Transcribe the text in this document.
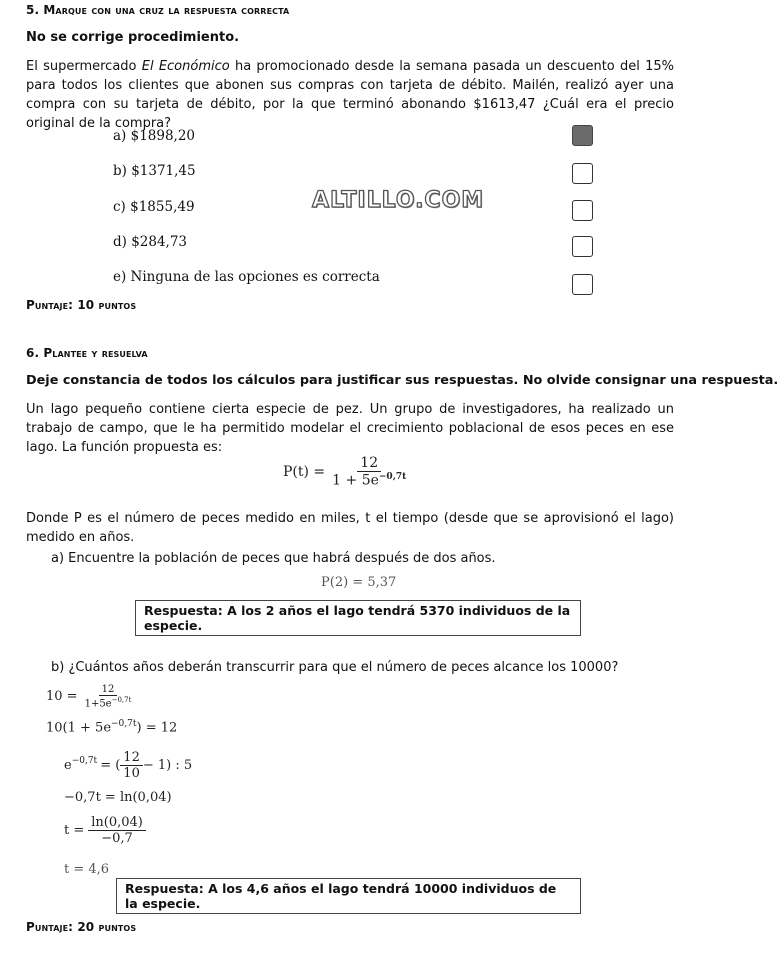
5. Marque con una cruz la respuesta correcta
No se corrige procedimiento.
El supermercado El Económico ha promocionado desde la semana pasada un descuento del 15% para todos los clientes que abonen sus compras con tarjeta de débito. Mailén, realizó ayer una compra con su tarjeta de débito, por la que terminó abonando $1613,47 ¿Cuál era el precio original de la compra?
a) $1898,20
b) $1371,45
c) $1855,49
d) $284,73
e) Ninguna de las opciones es correcta
ALTILLO.COM
Puntaje: 10 puntos
6. Plantee y resuelva
Deje constancia de todos los cálculos para justificar sus respuestas. No olvide consignar una respuesta.
Un lago pequeño contiene cierta especie de pez. Un grupo de investigadores, ha realizado un trabajo de campo, que le ha permitido modelar el crecimiento poblacional de esos peces en ese lago. La función propuesta es:
$P(t) = \frac{12}{1 + 5e^{-0,7t}}$
Donde P es el número de peces medido en miles, t el tiempo (desde que se aprovisionó el lago) medido en años.
a) Encuentre la población de peces que habrá después de dos años.
P(2) = 5,37
Respuesta: A los 2 años el lago tendrá 5370 individuos de la especie.
b) ¿Cuántos años deberán transcurrir para que el número de peces alcance los 10000?
$10 = \frac{12}{1+5e^{-0,7t}}$
$10(1 + 5e^{-0,7t}) = 12$
$e^{-0,7t}$ = ( $\frac{12}{10} - 1$) : 5
−0,7t = ln(0,04)
$t = \frac{\ln(0,04)}{-0,7}$
t = 4,6
Respuesta: A los 4,6 años el lago tendrá 10000 individuos de la especie.
Puntaje: 20 puntos
